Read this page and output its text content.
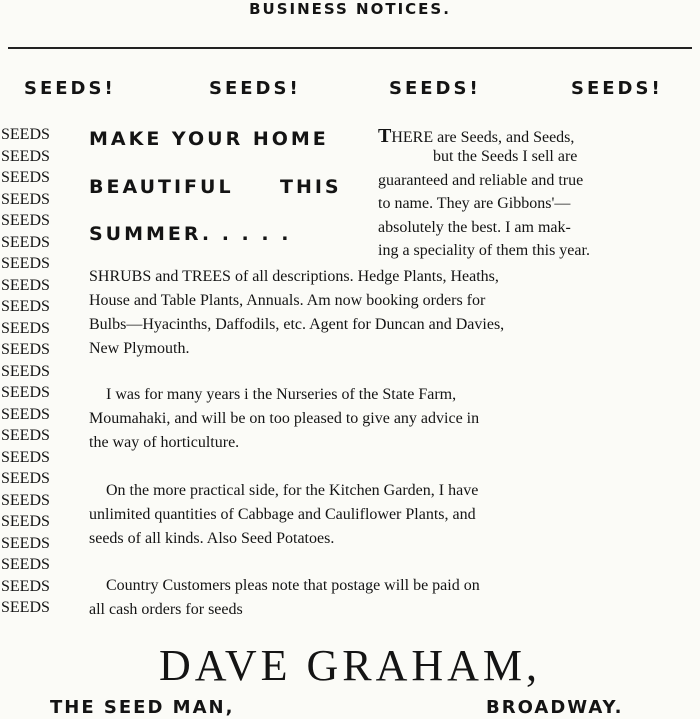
BUSINESS NOTICES.
SEEDS!	SEEDS!	SEEDS!	SEEDS!
SEEDS
SEEDS
SEEDS
SEEDS
SEEDS
SEEDS
SEEDS
SEEDS
SEEDS
SEEDS
SEEDS
SEEDS
SEEDS
SEEDS
SEEDS
SEEDS
SEEDS
SEEDS
SEEDS
SEEDS
SEEDS
SEEDS
SEEDS
MAKE YOUR HOME
BEAUTIFUL THIS
SUMMER. . . . .
THERE are Seeds, and Seeds,
but the Seeds I sell are
guaranteed and reliable and true
to name. They are Gibbons'—
absolutely the best. I am mak-
ing a speciality of them this year.
SHRUBS and TREES of all descriptions. Hedge Plants, Heaths,
House and Table Plants, Annuals. Am now booking orders for
Bulbs—Hyacinths, Daffodils, etc. Agent for Duncan and Davies,
New Plymouth.
I was for many years i the Nurseries of the State Farm,
Moumahaki, and will be on too pleased to give any advice in
the way of horticulture.
On the more practical side, for the Kitchen Garden, I have
unlimited quantities of Cabbage and Cauliflower Plants, and
seeds of all kinds. Also Seed Potatoes.
Country Customers pleas note that postage will be paid on
all cash orders for seeds
DAVE GRAHAM,
THE SEED MAN,	BROADWAY.
